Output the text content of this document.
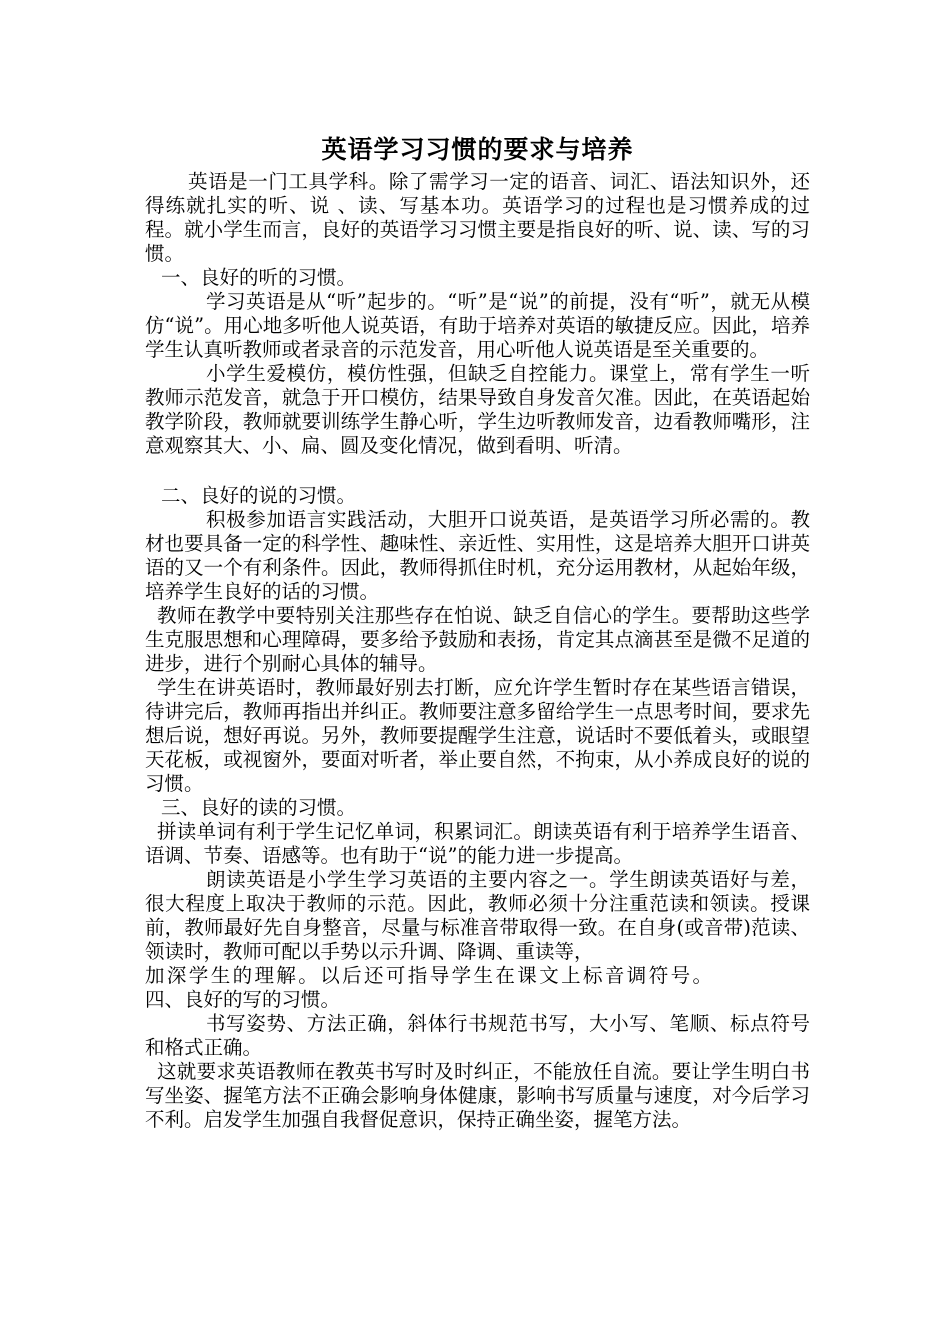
英语学习习惯的要求与培养

英语是一门工具学科。除了需学习一定的语音、词汇、语法知识外，还得练就扎实的听、说 、读、写基本功。英语学习的过程也是习惯养成的过程。就小学生而言，良好的英语学习习惯主要是指良好的听、说、读、写的习惯。

一、良好的听的习惯。

学习英语是从“听”起步的。“听”是“说”的前提，没有“听”，就无从模仿“说”。用心地多听他人说英语，有助于培养对英语的敏捷反应。因此，培养学生认真听教师或者录音的示范发音，用心听他人说英语是至关重要的。

小学生爱模仿，模仿性强，但缺乏自控能力。课堂上，常有学生一听教师示范发音，就急于开口模仿，结果导致自身发音欠准。因此，在英语起始教学阶段，教师就要训练学生静心听，学生边听教师发音，边看教师嘴形，注意观察其大、小、扁、圆及变化情况，做到看明、听清。

二、良好的说的习惯。

积极参加语言实践活动，大胆开口说英语，是英语学习所必需的。教材也要具备一定的科学性、趣味性、亲近性、实用性，这是培养大胆开口讲英语的又一个有利条件。因此，教师得抓住时机，充分运用教材，从起始年级，培养学生良好的话的习惯。

教师在教学中要特别关注那些存在怕说、缺乏自信心的学生。要帮助这些学生克服思想和心理障碍，要多给予鼓励和表扬，肯定其点滴甚至是微不足道的进步，进行个别耐心具体的辅导。

学生在讲英语时，教师最好别去打断，应允许学生暂时存在某些语言错误，待讲完后，教师再指出并纠正。教师要注意多留给学生一点思考时间，要求先想后说，想好再说。另外，教师要提醒学生注意，说话时不要低着头，或眼望天花板，或视窗外，要面对听者，举止要自然，不拘束，从小养成良好的说的习惯。

三、良好的读的习惯。

拼读单词有利于学生记忆单词，积累词汇。朗读英语有利于培养学生语音、语调、节奏、语感等。也有助于“说”的能力进一步提高。

朗读英语是小学生学习英语的主要内容之一。学生朗读英语好与差，很大程度上取决于教师的示范。因此，教师必须十分注重范读和领读。授课前，教师最好先自身整音，尽量与标准音带取得一致。在自身(或音带)范读、领读时，教师可配以手势以示升调、降调、重读等，

加深学生的理解。以后还可指导学生在课文上标音调符号。

四、良好的写的习惯。

书写姿势、方法正确，斜体行书规范书写，大小写、笔顺、标点符号和格式正确。

这就要求英语教师在教英书写时及时纠正，不能放任自流。要让学生明白书写坐姿、握笔方法不正确会影响身体健康，影响书写质量与速度，对今后学习不利。启发学生加强自我督促意识，保持正确坐姿，握笔方法。
